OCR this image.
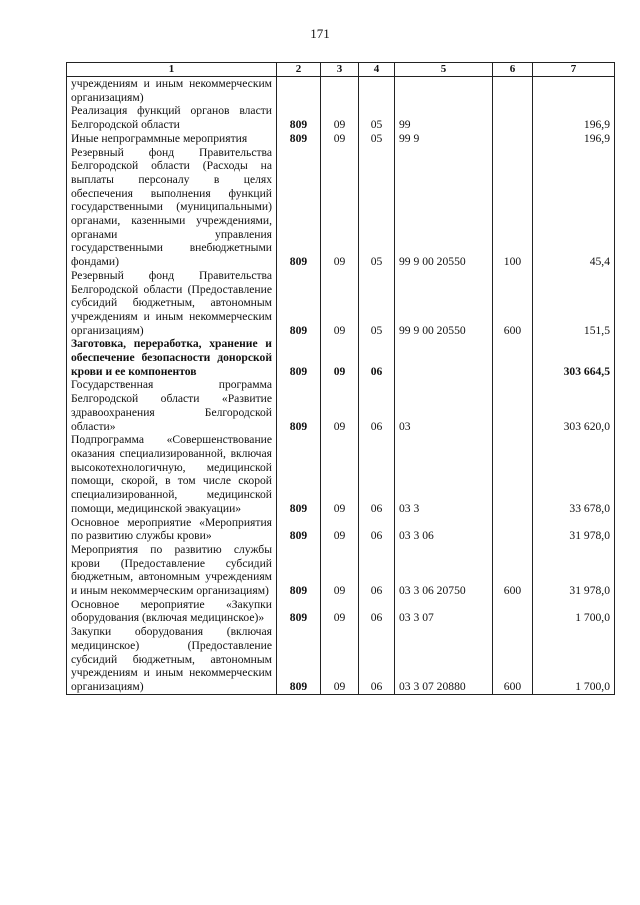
171
1	2	3	4	5	6	7
учреждениям и иным некоммерческим организациям)						
Реализация функций органов власти Белгородской области	809	09	05	99		196,9
Иные непрограммные мероприятия	809	09	05	99 9		196,9
Резервный фонд Правительства Белгородской области (Расходы на выплаты персоналу в целях обеспечения выполнения функций государственными (муниципальными) органами, казенными учреждениями, органами управления государственными внебюджетными фондами)	809	09	05	99 9 00 20550	100	45,4
Резервный фонд Правительства Белгородской области (Предоставление субсидий бюджетным, автономным учреждениям и иным некоммерческим организациям)	809	09	05	99 9 00 20550	600	151,5
Заготовка, переработка, хранение и обеспечение безопасности донорской крови и ее компонентов	809	09	06			303 664,5
Государственная программа Белгородской области «Развитие здравоохранения Белгородской области»	809	09	06	03		303 620,0
Подпрограмма «Совершенствование оказания специализированной, включая высокотехнологичную, медицинской помощи, скорой, в том числе скорой специализированной, медицинской помощи, медицинской эвакуации»	809	09	06	03 3		33 678,0
Основное мероприятие «Мероприятия по развитию службы крови»	809	09	06	03 3 06		31 978,0
Мероприятия по развитию службы крови (Предоставление субсидий бюджетным, автономным учреждениям и иным некоммерческим организациям)	809	09	06	03 3 06 20750	600	31 978,0
Основное мероприятие «Закупки оборудования (включая медицинское)»	809	09	06	03 3 07		1 700,0
Закупки оборудования (включая медицинское) (Предоставление субсидий бюджетным, автономным учреждениям и иным некоммерческим организациям)	809	09	06	03 3 07 20880	600	1 700,0
